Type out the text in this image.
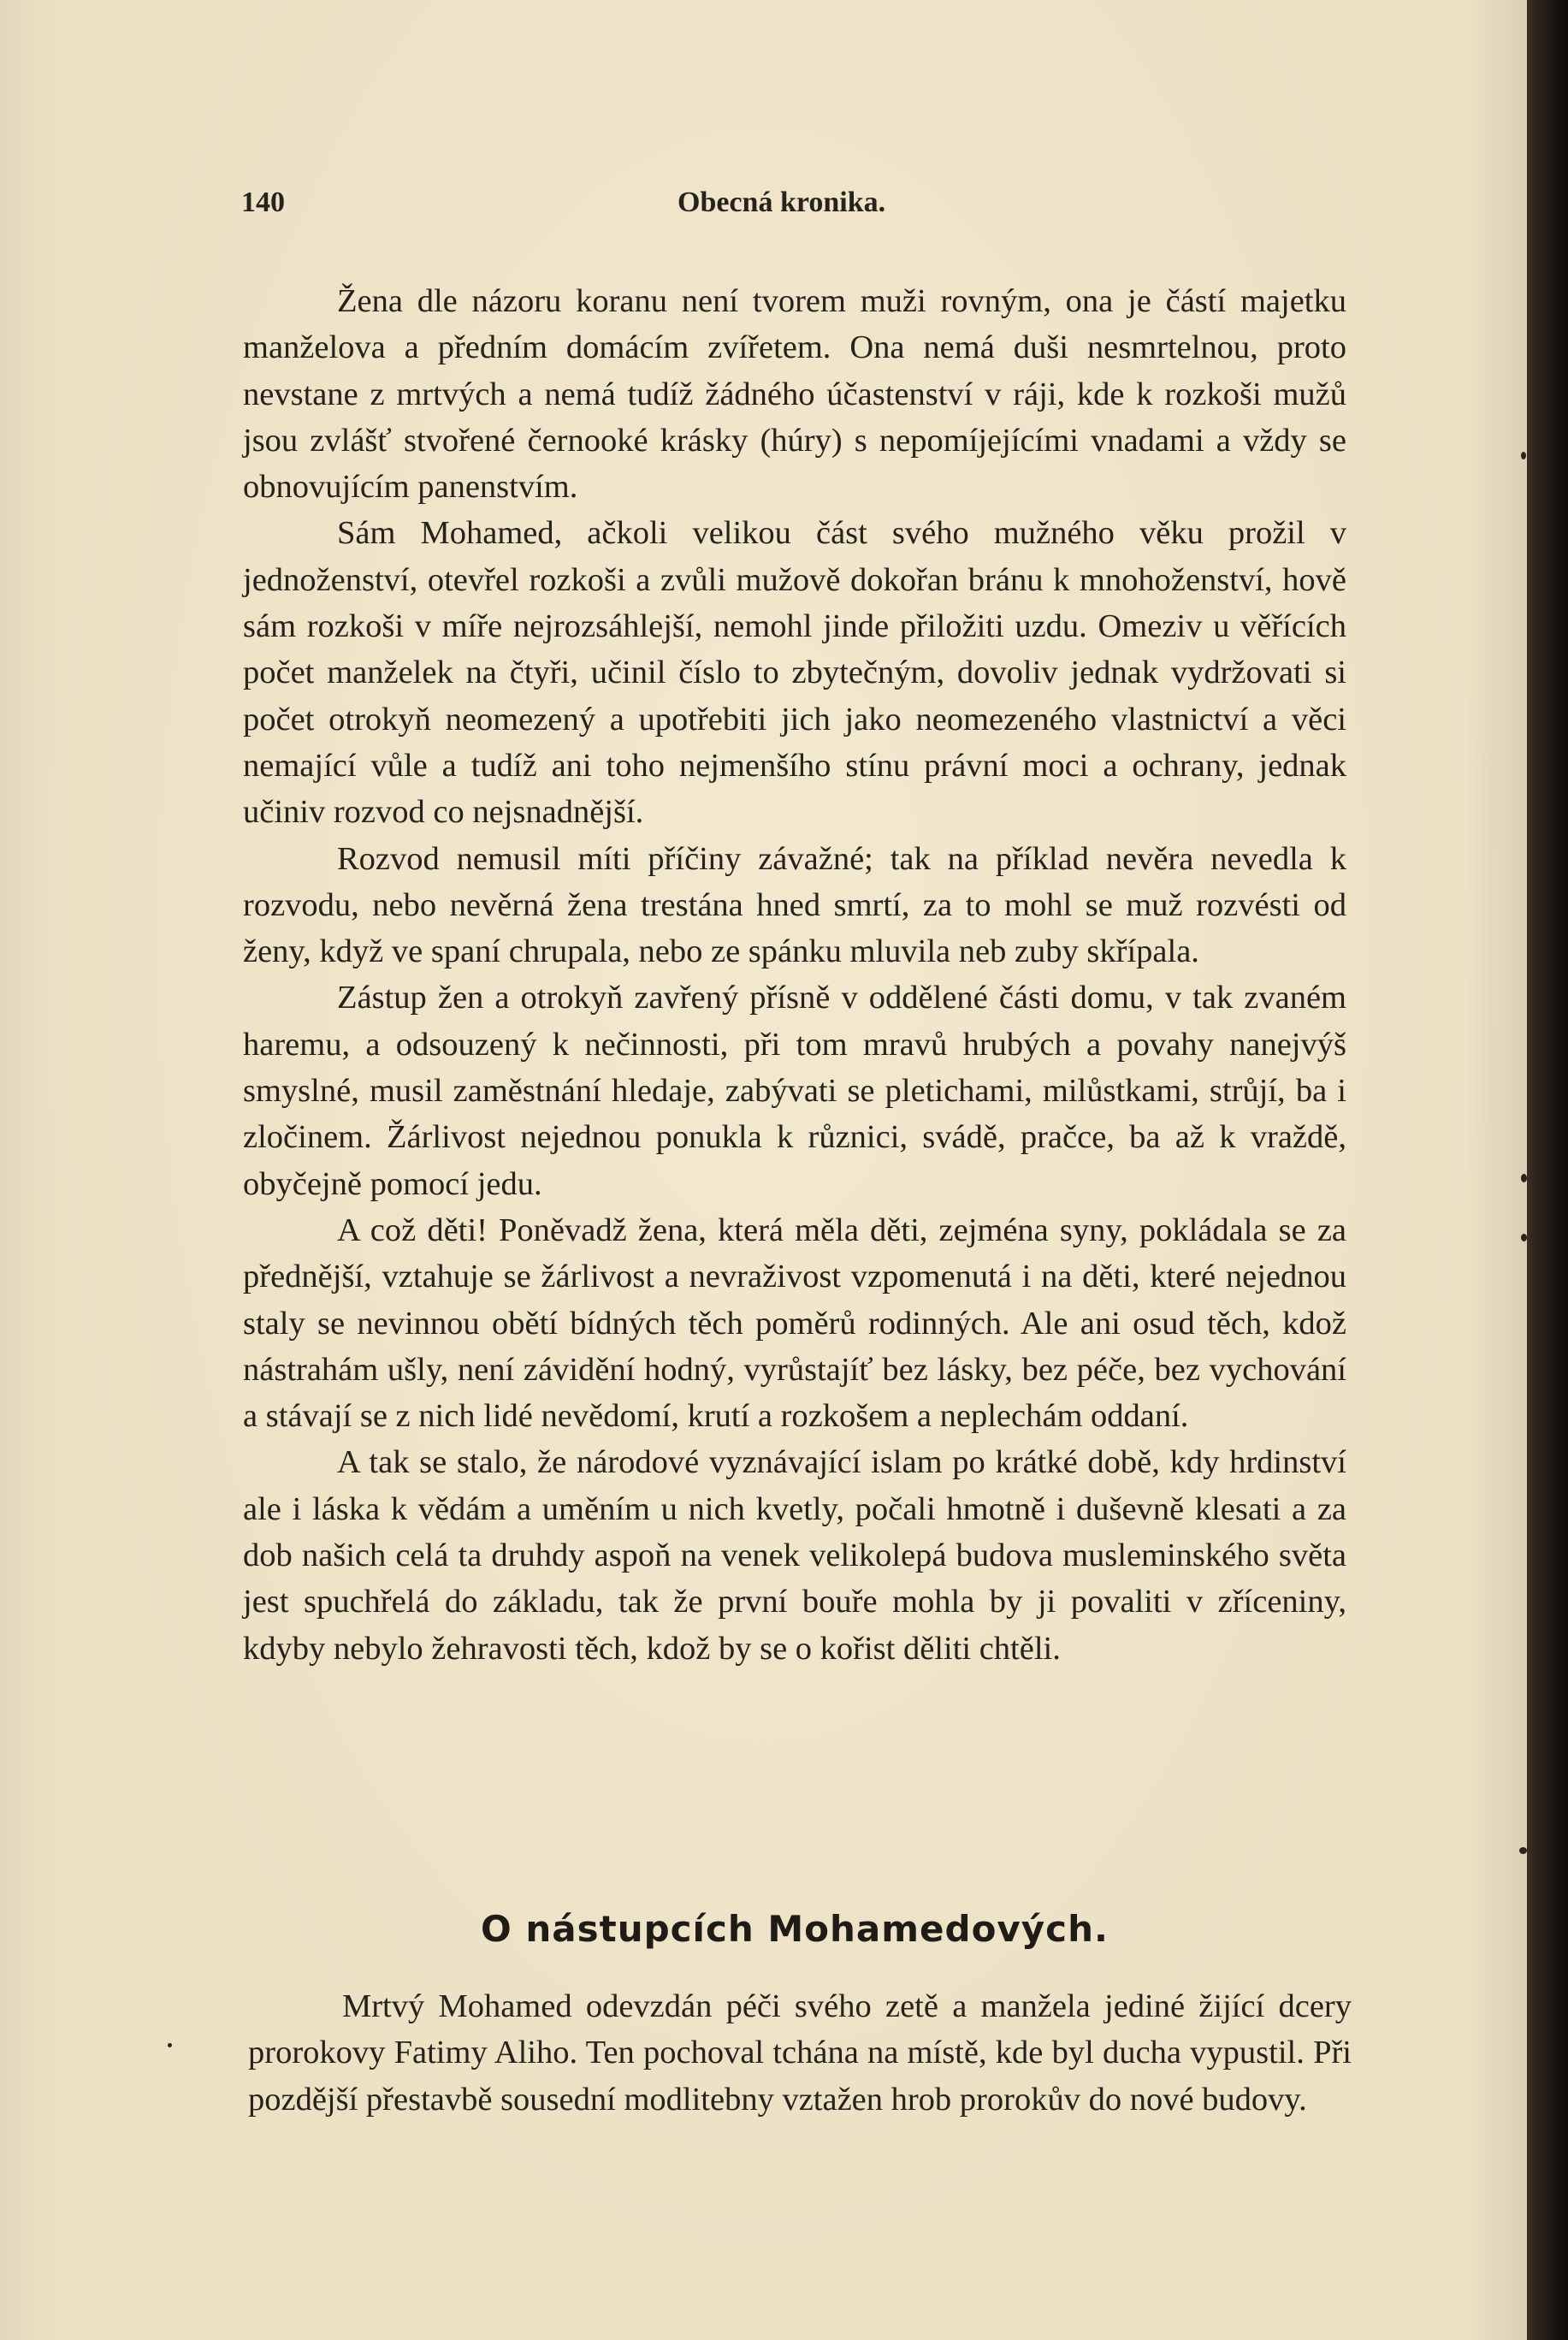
140	Obecná kronika.

Žena dle názoru koranu není tvorem muži rovným, ona je částí majetku manželova a předním domácím zvířetem. Ona nemá duši nesmrtelnou, proto nevstane z mrtvých a nemá tudíž žádného účastenství v ráji, kde k rozkoši mužů jsou zvlášť stvořené černooké krásky (húry) s nepomíjejícími vnadami a vždy se obnovujícím panenstvím.

Sám Mohamed, ačkoli velikou část svého mužného věku prožil v jednoženství, otevřel rozkoši a zvůli mužově dokořan bránu k mnohoženství, hově sám rozkoši v míře nejrozsáhlejší, nemohl jinde přiložiti uzdu. Omeziv u věřících počet manželek na čtyři, učinil číslo to zbytečným, dovoliv jednak vydržovati si počet otrokyň neomezený a upotřebiti jich jako neomezeného vlastnictví a věci nemající vůle a tudíž ani toho nejmenšího stínu právní moci a ochrany, jednak učiniv rozvod co nejsnadnější.

Rozvod nemusil míti příčiny závažné; tak na příklad nevěra nevedla k rozvodu, nebo nevěrná žena trestána hned smrtí, za to mohl se muž rozvésti od ženy, když ve spaní chrupala, nebo ze spánku mluvila neb zuby skřípala.

Zástup žen a otrokyň zavřený přísně v oddělené části domu, v tak zvaném haremu, a odsouzený k nečinnosti, při tom mravů hrubých a povahy nanejvýš smyslné, musil zaměstnání hledaje, zabývati se pletichami, milůstkami, strůjí, ba i zločinem. Žárlivost nejednou ponukla k různici, svádě, pračce, ba až k vraždě, obyčejně pomocí jedu.

A což děti! Poněvadž žena, která měla děti, zejména syny, pokládala se za přednější, vztahuje se žárlivost a nevraživost vzpomenutá i na děti, které nejednou staly se nevinnou obětí bídných těch poměrů rodinných. Ale ani osud těch, kdož nástrahám ušly, není závidění hodný, vyrůstajíť bez lásky, bez péče, bez vychování a stávají se z nich lidé nevědomí, krutí a rozkošem a neplechám oddaní.

A tak se stalo, že národové vyznávající islam po krátké době, kdy hrdinství ale i láska k vědám a uměním u nich kvetly, počali hmotně i duševně klesati a za dob našich celá ta druhdy aspoň na venek velikolepá budova musleminského světa jest spuchřelá do základu, tak že první bouře mohla by ji povaliti v zříceniny, kdyby nebylo žehravosti těch, kdož by se o kořist děliti chtěli.

O nástupcích Mohamedových.

Mrtvý Mohamed odevzdán péči svého zetě a manžela jediné žijící dcery prorokovy Fatimy Aliho. Ten pochoval tchána na místě, kde byl ducha vypustil. Při pozdější přestavbě sousední modlitebny vztažen hrob prorokův do nové budovy.
